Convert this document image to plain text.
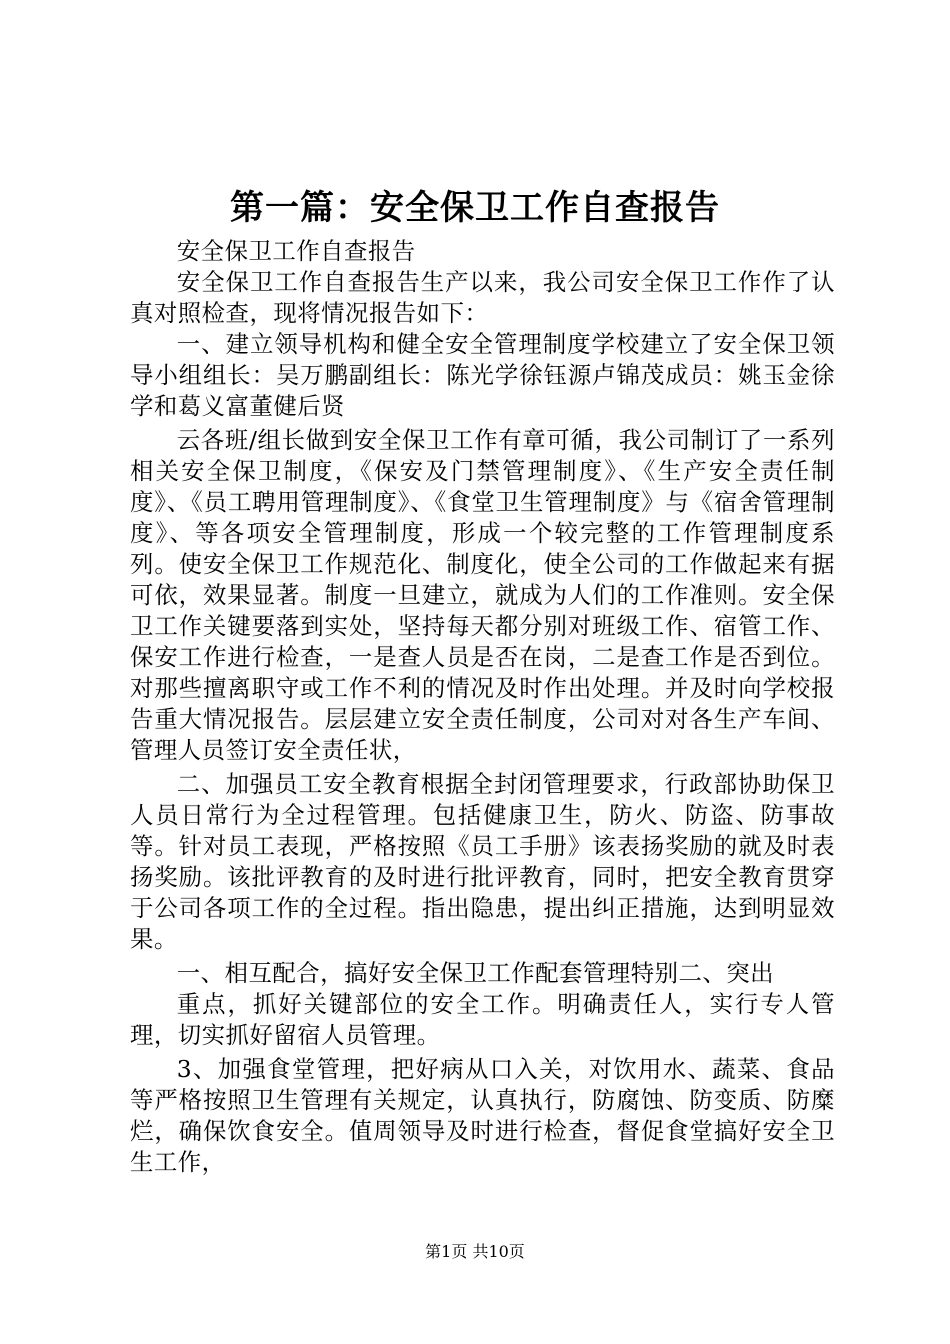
第一篇：安全保卫工作自查报告

安全保卫工作自查报告

安全保卫工作自查报告生产以来，我公司安全保卫工作作了认真对照检查，现将情况报告如下：

一、建立领导机构和健全安全管理制度学校建立了安全保卫领导小组组长：吴万鹏副组长：陈光学徐钰源卢锦茂成员：姚玉金徐学和葛义富董健后贤

云各班/组长做到安全保卫工作有章可循，我公司制订了一系列相关安全保卫制度，《保安及门禁管理制度》、《生产安全责任制度》、《员工聘用管理制度》、《食堂卫生管理制度》与《宿舍管理制度》、等各项安全管理制度，形成一个较完整的工作管理制度系列。使安全保卫工作规范化、制度化，使全公司的工作做起来有据可依，效果显著。制度一旦建立，就成为人们的工作准则。安全保卫工作关键要落到实处，坚持每天都分别对班级工作、宿管工作、保安工作进行检查，一是查人员是否在岗，二是查工作是否到位。对那些擅离职守或工作不利的情况及时作出处理。并及时向学校报告重大情况报告。层层建立安全责任制度，公司对对各生产车间、管理人员签订安全责任状，

二、加强员工安全教育根据全封闭管理要求，行政部协助保卫人员日常行为全过程管理。包括健康卫生，防火、防盗、防事故等。针对员工表现，严格按照《员工手册》该表扬奖励的就及时表扬奖励。该批评教育的及时进行批评教育，同时，把安全教育贯穿于公司各项工作的全过程。指出隐患，提出纠正措施，达到明显效果。

一、相互配合，搞好安全保卫工作配套管理特别二、突出

重点，抓好关键部位的安全工作。明确责任人，实行专人管理，切实抓好留宿人员管理。

3、加强食堂管理，把好病从口入关，对饮用水、蔬菜、食品等严格按照卫生管理有关规定，认真执行，防腐蚀、防变质、防糜烂，确保饮食安全。值周领导及时进行检查，督促食堂搞好安全卫生工作，

第1页 共10页
